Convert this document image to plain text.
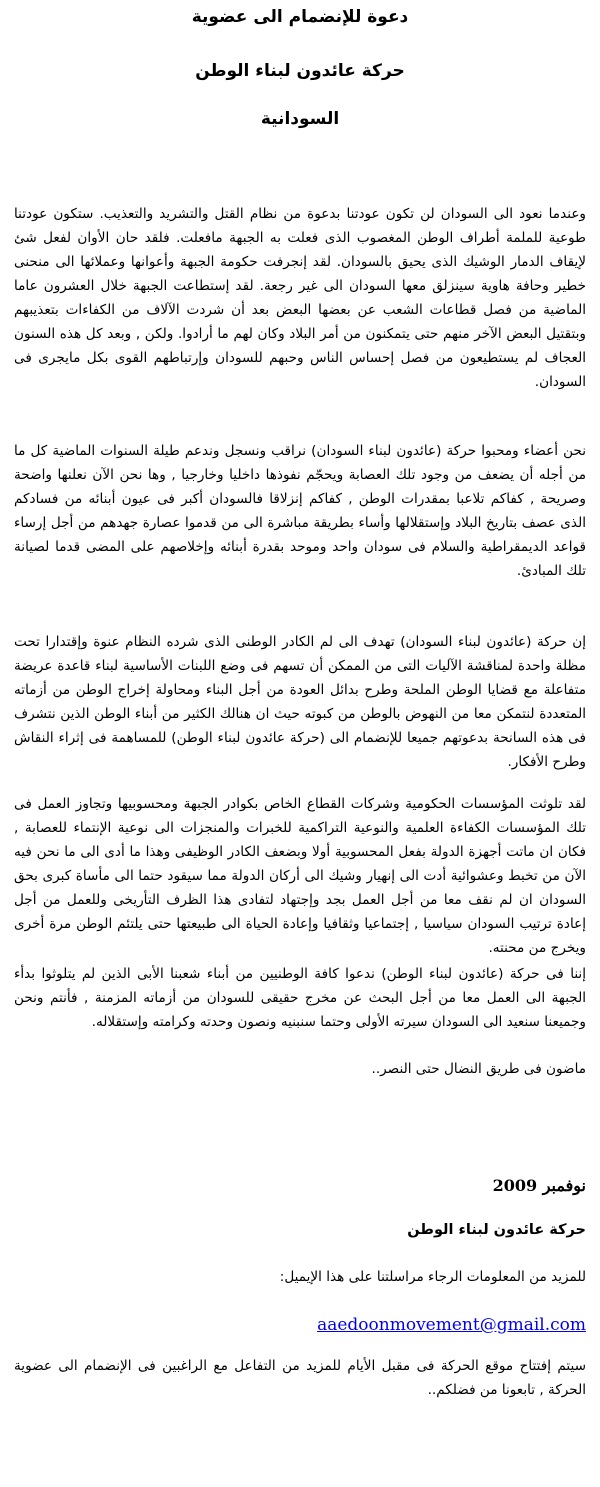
دعوة للإنضمام الى عضوية
حركة عائدون لبناء الوطن
السودانية

وعندما نعود الى السودان لن تكون عودتنا بدعوة من نظام القتل والتشريد والتعذيب. ستكون عودتنا طوعية للملمة أطراف الوطن المغصوب الذى فعلت به الجبهة مافعلت. فلقد حان الأوان لفعل شئ لإيقاف الدمار الوشيك الذى يحيق بالسودان. لقد إنجرفت حكومة الجبهة وأعوانها وعملائها الى منحنى خطير وحافة هاوية سينزلق معها السودان الى غير رجعة. لقد إستطاعت الجبهة خلال العشرون عاما الماضية من فصل قطاعات الشعب عن بعضها البعض بعد أن شردت الآلاف من الكفاءات بتعذيبهم وبتقتيل البعض الآخر منهم حتى يتمكنون من أمر البلاد وكان لهم ما أرادوا. ولكن , وبعد كل هذه السنون العجاف لم يستطيعون من فصل إحساس الناس وحبهم للسودان وإرتباطهم القوى بكل مايجرى فى السودان.

نحن أعضاء ومحبوا حركة (عائدون لبناء السودان) نراقب ونسجل وندعم طيلة السنوات الماضية كل ما من أجله أن يضعف من وجود تلك العصابة ويحجّم نفوذها داخليا وخارجيا , وها نحن الآن نعلنها واضحة وصريحة , كفاكم تلاعبا بمقدرات الوطن , كفاكم إنزلاقا فالسودان أكبر فى عيون أبنائه من فسادكم الذى عصف بتاريخ البلاد وإستقلالها وأساء بطريقة مباشرة الى من قدموا عصارة جهدهم من أجل إرساء قواعد الديمقراطية والسلام فى سودان واحد وموحد بقدرة أبنائه وإخلاصهم على المضى قدما لصيانة تلك المبادئ.

إن حركة (عائدون لبناء السودان) تهدف الى لم الكادر الوطنى الذى شرده النظام عنوة وإقتدارا تحت مظلة واحدة لمناقشة الآليات التى من الممكن أن تسهم فى وضع اللبنات الأساسية لبناء قاعدة عريضة متفاعلة مع قضايا الوطن الملحة وطرح بدائل العودة من أجل البناء ومحاولة إخراج الوطن من أزماته المتعددة لنتمكن معا من النهوض بالوطن من كبوته حيث ان هنالك الكثير من أبناء الوطن الذين نتشرف فى هذه السانحة بدعوتهم جميعا للإنضمام الى (حركة عائدون لبناء الوطن) للمساهمة فى إثراء النقاش وطرح الأفكار.

لقد تلوثت المؤسسات الحكومية وشركات القطاع الخاص بكوادر الجبهة ومحسوبيها وتجاوز العمل فى تلك المؤسسات الكفاءة العلمية والنوعية التراكمية للخبرات والمنجزات الى نوعية الإنتماء للعصابة , فكان ان ماتت أجهزة الدولة بفعل المحسوبية أولا وبضعف الكادر الوظيفى وهذا ما أدى الى ما نحن فيه الآن من تخبط وعشوائية أدت الى إنهيار وشيك الى أركان الدولة مما سيقود حتما الى مأساة كبرى بحق السودان ان لم نقف معا من أجل العمل بجد وإجتهاد لتفادى هذا الظرف التأريخى وللعمل من أجل إعادة ترتيب السودان سياسيا , إجتماعيا وثقافيا وإعادة الحياة الى طبيعتها حتى يلتئم الوطن مرة أخرى ويخرج من محنته.

إننا فى حركة (عائدون لبناء الوطن) ندعوا كافة الوطنيين من أبناء شعبنا الأبى الذين لم يتلوثوا بدأء الجبهة الى العمل معا من أجل البحث عن مخرج حقيقى للسودان من أزماته المزمنة , فأنتم ونحن وجميعنا سنعيد الى السودان سيرته الأولى وحتما سنبنيه ونصون وحدته وكرامته وإستقلاله.

ماضون فى طريق النضال حتى النصر..

نوفمبر 2009

حركة عائدون لبناء الوطن

للمزيد من المعلومات الرجاء مراسلتنا على هذا الإيميل:

aaedoonmovement@gmail.com

سيتم إفتتاح موقع الحركة فى مقبل الأيام للمزيد من التفاعل مع الراغبين فى الإنضمام الى عضوية الحركة , تابعونا من فضلكم..
